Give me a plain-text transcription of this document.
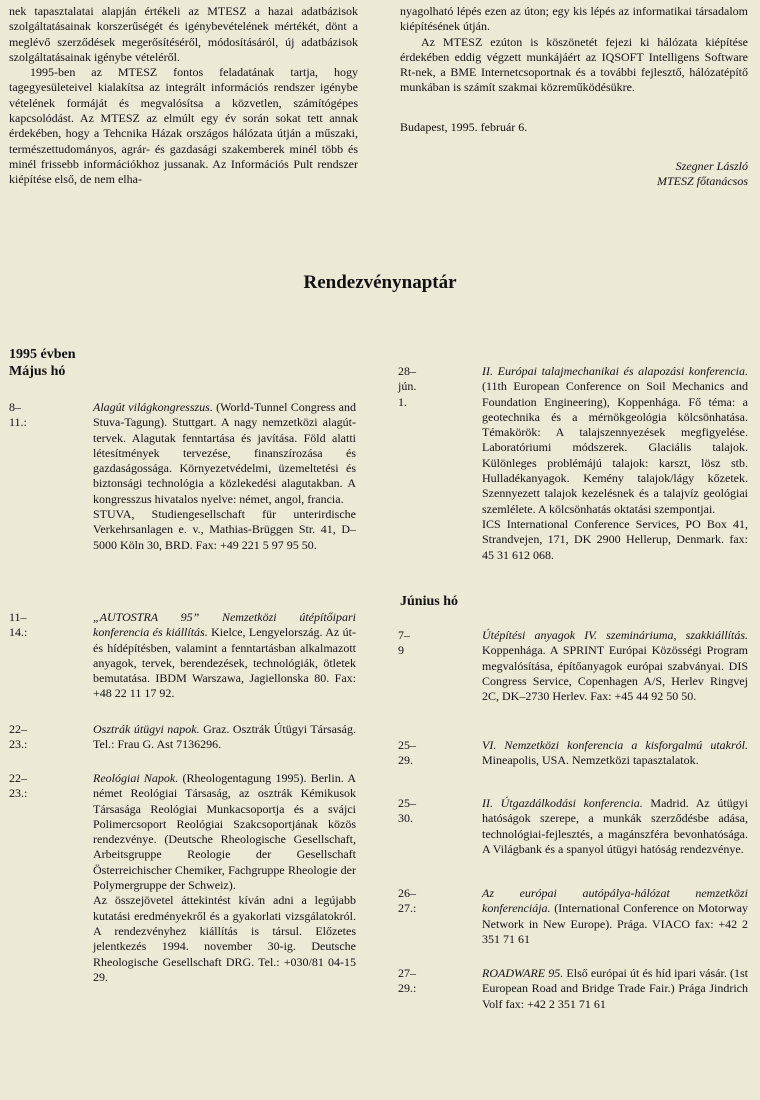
nek tapasztalatai alapján értékeli az MTESZ a hazai adatbázisok szolgáltatásainak korszerűségét és igénybevételének mértékét, dönt a meglévő szerződések megerősítéséről, módosításáról, új adatbázisok szolgáltatásainak igénybe vételéről.

1995-ben az MTESZ fontos feladatának tartja, hogy tagegyesületeivel kialakítsa az integrált információs rendszer igénybe vételének formáját és megvalósítsa a közvetlen, számítógépes kapcsolódást. Az MTESZ az elmúlt egy év során sokat tett annak érdekében, hogy a Tehcnika Házak országos hálózata útján a műszaki, természettudományos, agrár- és gazdasági szakemberek minél több és minél frissebb információkhoz jussanak. Az Információs Pult rendszer kiépítése első, de nem elha-

nyagolható lépés ezen az úton; egy kis lépés az informatikai társadalom kiépítésének útján.

Az MTESZ ezúton is köszönetét fejezi ki hálózata kiépítése érdekében eddig végzett munkájáért az IQSOFT Intelligens Software Rt-nek, a BME Internetcsoportnak és a további fejlesztő, hálózatépítő munkában is számít szakmai közreműködésükre.

Budapest, 1995. február 6.

Szegner László

MTESZ főtanácsos

Rendezvénynaptár
1995 évben
Május hó
8–11.:
Alagút világkongresszus. (World-Tunnel Congress and Stuva-Tagung). Stuttgart. A nagy nemzetközi alagút-tervek. Alagutak fenntartása és javítása. Föld alatti létesítmények tervezése, finanszírozása és gazdaságossága. Környezetvédelmi, üzemeltetési és biztonsági technológia a közlekedési alagutakban. A kongresszus hivatalos nyelve: német, angol, francia.
STUVA, Studiengesellschaft für unterirdische Verkehrsanlagen e. v., Mathias-Brüggen Str. 41, D–5000 Köln 30, BRD. Fax: +49 221 5 97 95 50.
11–14.:
„AUTOSTRA 95” Nemzetközi útépítőipari konferencia és kiállítás. Kielce, Lengyelország. Az út- és hídépítésben, valamint a fenntartásban alkalmazott anyagok, tervek, berendezések, technológiák, ötletek bemutatása. IBDM Warszawa, Jagiellonska 80. Fax: +48 22 11 17 92.
22–23.:
Osztrák útügyi napok. Graz. Osztrák Útügyi Társaság. Tel.: Frau G. Ast 7136296.
22–23.:
Reológiai Napok. (Rheologentagung 1995). Berlin. A német Reológiai Társaság, az osztrák Kémikusok Társasága Reológiai Munkacsoportja és a svájci Polimercsoport Reológiai Szakcsoportjának közös rendezvénye. (Deutsche Rheologische Gesellschaft, Arbeitsgruppe Reologie der Gesellschaft Österreichischer Chemiker, Fachgruppe Rheologie der Polymergruppe der Schweiz).
Az összejövetel áttekintést kíván adni a legújabb kutatási eredményekről és a gyakorlati vizsgálatokról. A rendezvényhez kiállítás is társul. Előzetes jelentkezés 1994. november 30-ig. Deutsche Rheologische Gesellschaft DRG. Tel.: +030/81 04-15 29.
28–jún. 1.
II. Európai talajmechanikai és alapozási konferencia. (11th European Conference on Soil Mechanics and Foundation Engineering), Koppenhága. Fő téma: a geotechnika és a mérnökgeológia kölcsönhatása. Témakörök: A talajszennyezések megfigyelése. Laboratóriumi módszerek. Glaciális talajok. Különleges problémájú talajok: karszt, lösz stb. Hulladékanyagok. Kemény talajok/lágy kőzetek. Szennyezett talajok kezelésnek és a talajvíz geológiai szemlélete. A kölcsönhatás oktatási szempontjai.
ICS International Conference Services, PO Box 41, Strandvejen, 171, DK 2900 Hellerup, Denmark. fax: 45 31 612 068.
Június hó
7–9
Útépítési anyagok IV. szemináriuma, szakkiállítás. Koppenhága. A SPRINT Európai Közösségi Program megvalósítása, építőanyagok európai szabványai. DIS Congress Service, Copenhagen A/S, Herlev Ringvej 2C, DK–2730 Herlev. Fax: +45 44 92 50 50.
25–29.
VI. Nemzetközi konferencia a kisforgalmú utakról. Mineapolis, USA. Nemzetközi tapasztalatok.
25–30.
II. Útgazdálkodási konferencia. Madrid. Az útügyi hatóságok szerepe, a munkák szerződésbe adása, technológiai-fejlesztés, a magánszféra bevonhatósága. A Világbank és a spanyol útügyi hatóság rendezvénye.
26–27.:
Az európai autópálya-hálózat nemzetközi konferenciája. (International Conference on Motorway Network in New Europe). Prága. VIACO fax: +42 2 351 71 61
27–29.:
ROADWARE 95. Első európai út és híd ipari vásár. (1st European Road and Bridge Trade Fair.) Prága Jindrich Volf fax: +42 2 351 71 61
